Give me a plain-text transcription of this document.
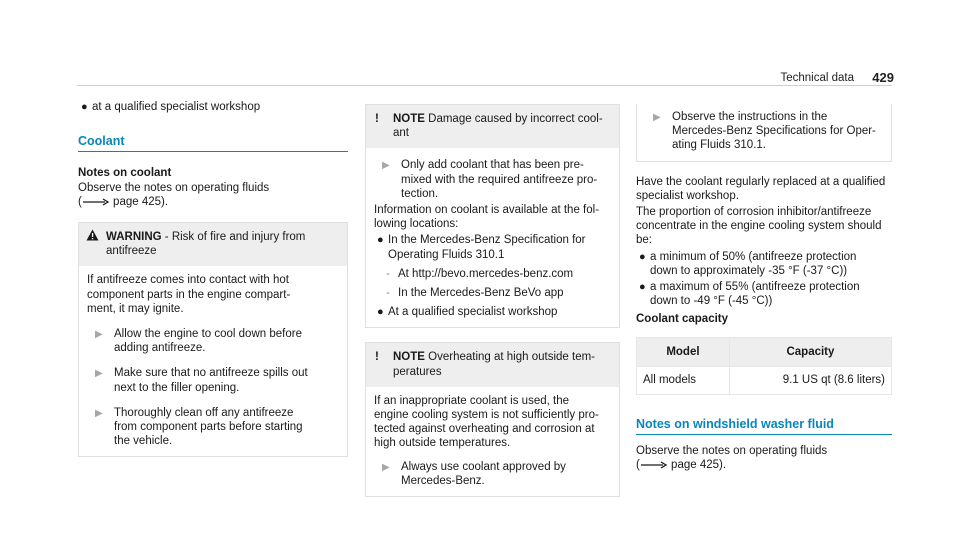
Technical data 429

● at a qualified specialist workshop

Coolant
Notes on coolant
Observe the notes on operating fluids
(	page 425).
WARNING - Risk of fire and injury from
antifreeze
If antifreeze comes into contact with hot
component parts in the engine compart-
ment, it may ignite.
▶ Allow the engine to cool down before
adding antifreeze.
▶ Make sure that no antifreeze spills out
next to the filler opening.
▶ Thoroughly clean off any antifreeze
from component parts before starting
the vehicle.
! NOTE Damage caused by incorrect cool-
ant
▶ Only add coolant that has been pre-
mixed with the required antifreeze pro-
tection.
Information on coolant is available at the fol-
lowing locations:
● In the Mercedes-Benz Specification for
Operating Fluids 310.1
- At http://bevo.mercedes-benz.com
- In the Mercedes-Benz BeVo app
● At a qualified specialist workshop
! NOTE Overheating at high outside tem-
peratures
If an inappropriate coolant is used, the
engine cooling system is not sufficiently pro-
tected against overheating and corrosion at
high outside temperatures.
▶ Always use coolant approved by
Mercedes-Benz.
▶ Observe the instructions in the
Mercedes-Benz Specifications for Oper-
ating Fluids 310.1.
Have the coolant regularly replaced at a qualified
specialist workshop.
The proportion of corrosion inhibitor/antifreeze
concentrate in the engine cooling system should
be:
● a minimum of 50% (antifreeze protection
down to approximately -35 °F (-37 °C))
● a maximum of 55% (antifreeze protection
down to -49 °F (-45 °C))
Coolant capacity
Model	Capacity
All models	9.1 US qt (8.6 liters)
Notes on windshield washer fluid
Observe the notes on operating fluids
(	page 425).
